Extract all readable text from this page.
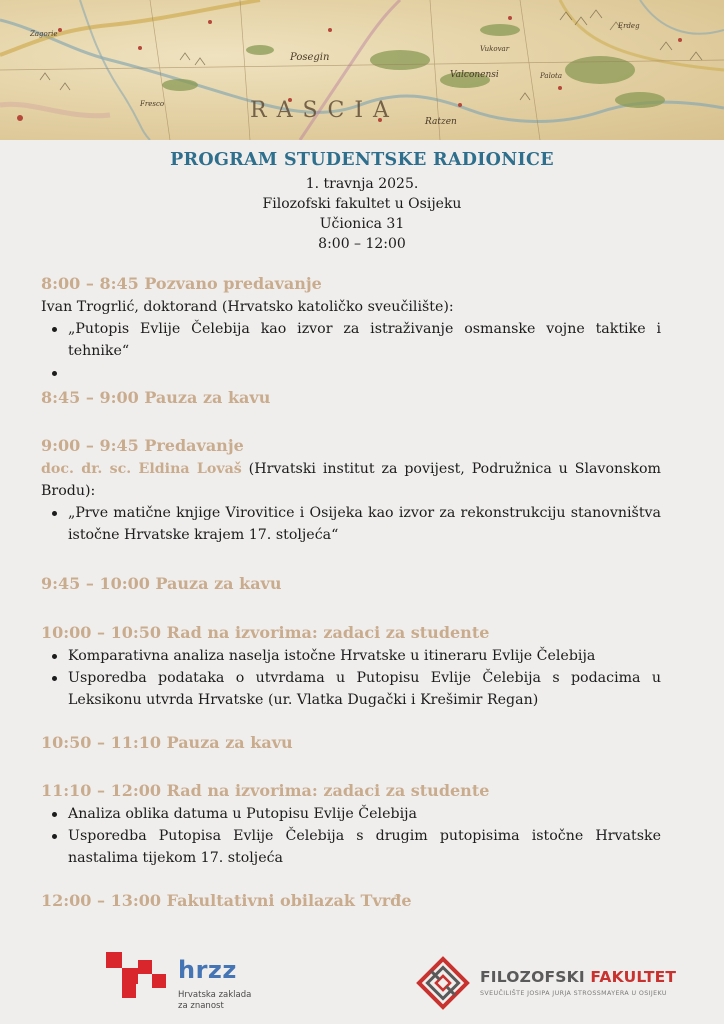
Posegin
RASCIA
Valconensi
Ratzen
Zagorie
Erdeg
Palota
Vukovar
Fresco
PROGRAM STUDENTSKE RADIONICE
1. travnja 2025.
Filozofski fakultet u Osijeku
Učionica 31
8:00 – 12:00
8:00 – 8:45 Pozvano predavanje
Ivan Trogrlić, doktorand (Hrvatsko katoličko sveučilište):
„Putopis Evlije Čelebija kao izvor za istraživanje osmanske vojne taktike i tehnike“
8:45 – 9:00 Pauza za kavu
9:00 – 9:45 Predavanje
doc. dr. sc. Eldina Lovaš (Hrvatski institut za povijest, Podružnica u Slavonskom Brodu):
„Prve matične knjige Virovitice i Osijeka kao izvor za rekonstrukciju stanovništva istočne Hrvatske krajem 17. stoljeća“
9:45 – 10:00 Pauza za kavu
10:00 – 10:50 Rad na izvorima: zadaci za studente
Komparativna analiza naselja istočne Hrvatske u itineraru Evlije Čelebija
Usporedba podataka o utvrdama u Putopisu Evlije Čelebija s podacima u Leksikonu utvrda Hrvatske (ur. Vlatka Dugački i Krešimir Regan)
10:50 – 11:10 Pauza za kavu
11:10 – 12:00 Rad na izvorima: zadaci za studente
Analiza oblika datuma u Putopisu Evlije Čelebija
Usporedba Putopisa Evlije Čelebija s drugim putopisima istočne Hrvatske nastalima tijekom 17. stoljeća
12:00 – 13:00 Fakultativni obilazak Tvrđe
hrzz
Hrvatska zaklada
za znanost
FILOZOFSKI FAKULTET
SVEUČILIŠTE JOSIPA JURJA STROSSMAYERA U OSIJEKU
